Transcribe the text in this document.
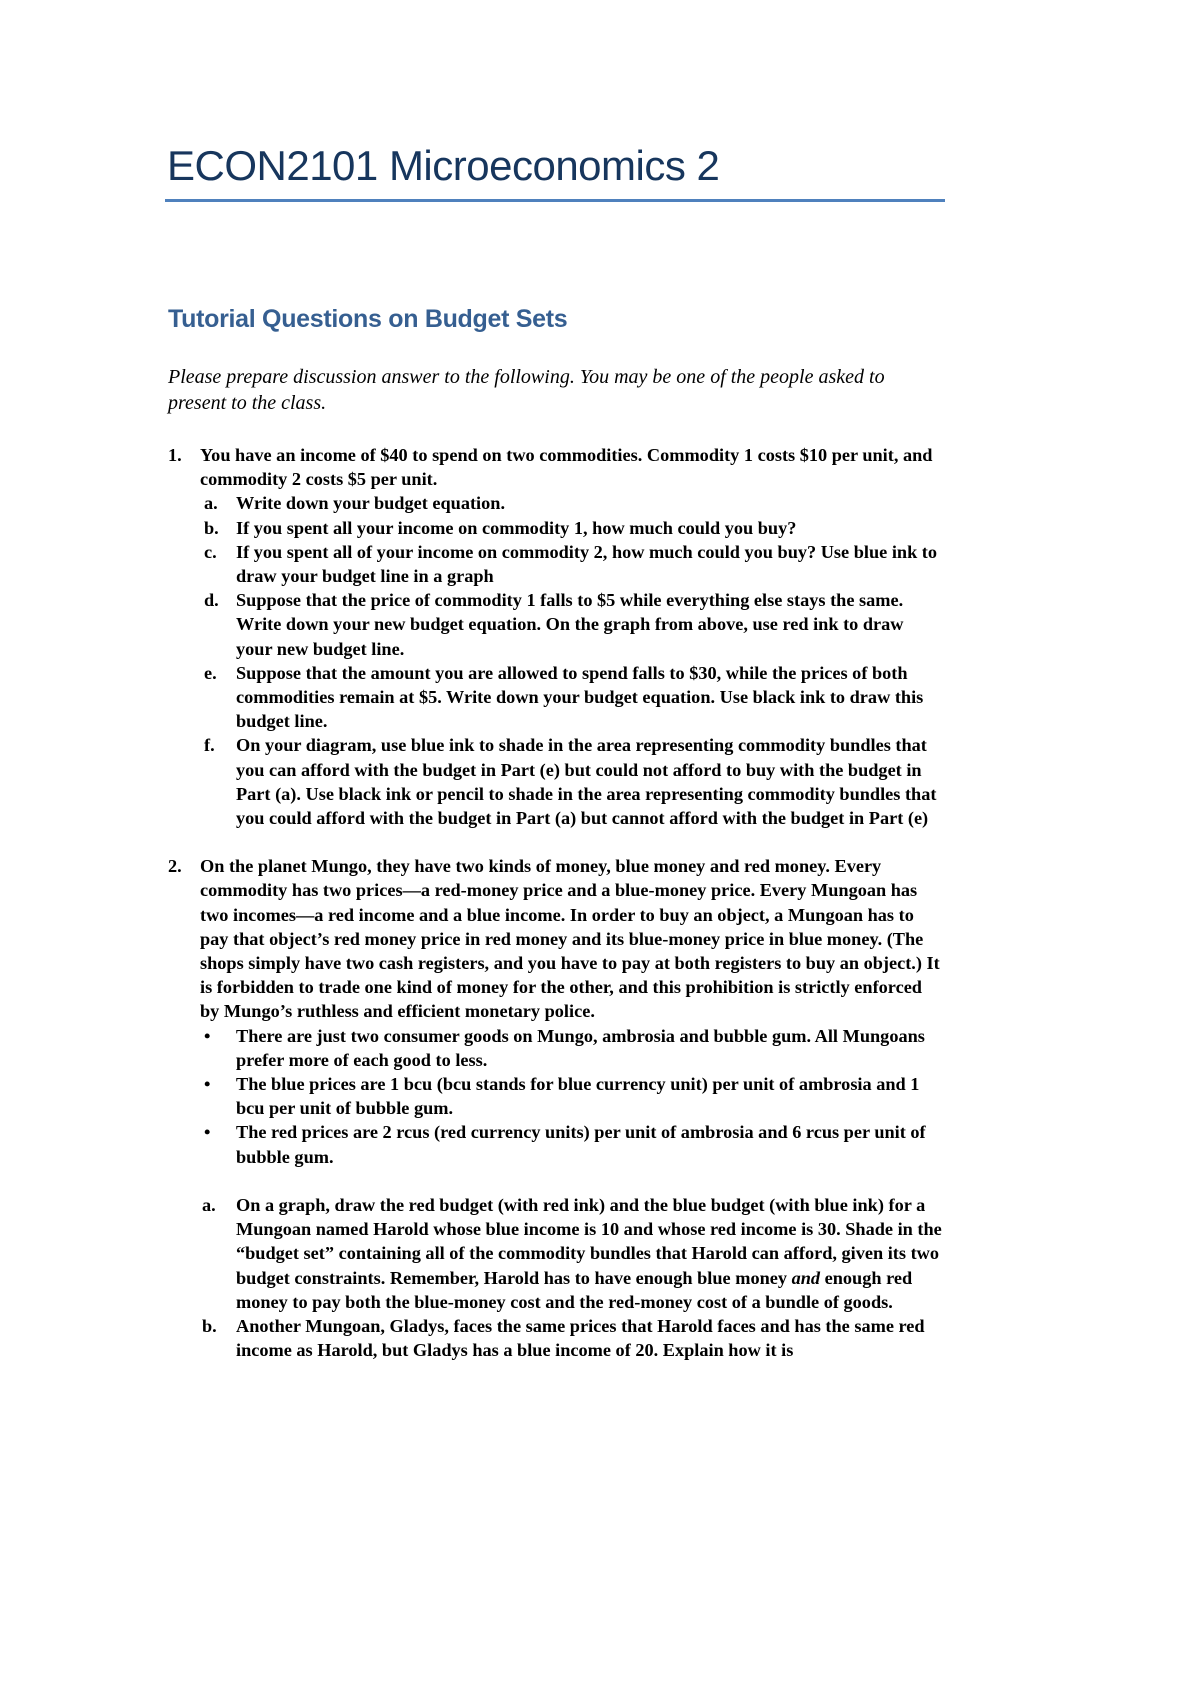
ECON2101 Microeconomics 2
Tutorial Questions on Budget Sets
Please prepare discussion answer to the following. You may be one of the people asked to present to the class.
1. You have an income of $40 to spend on two commodities. Commodity 1 costs $10 per unit, and commodity 2 costs $5 per unit.
a. Write down your budget equation.
b. If you spent all your income on commodity 1, how much could you buy?
c. If you spent all of your income on commodity 2, how much could you buy? Use blue ink to draw your budget line in a graph
d. Suppose that the price of commodity 1 falls to $5 while everything else stays the same. Write down your new budget equation. On the graph from above, use red ink to draw your new budget line.
e. Suppose that the amount you are allowed to spend falls to $30, while the prices of both commodities remain at $5. Write down your budget equation. Use black ink to draw this budget line.
f. On your diagram, use blue ink to shade in the area representing commodity bundles that you can afford with the budget in Part (e) but could not afford to buy with the budget in Part (a). Use black ink or pencil to shade in the area representing commodity bundles that you could afford with the budget in Part (a) but cannot afford with the budget in Part (e)
2. On the planet Mungo, they have two kinds of money, blue money and red money. Every commodity has two prices—a red-money price and a blue-money price. Every Mungoan has two incomes—a red income and a blue income. In order to buy an object, a Mungoan has to pay that object’s red money price in red money and its blue-money price in blue money. (The shops simply have two cash registers, and you have to pay at both registers to buy an object.) It is forbidden to trade one kind of money for the other, and this prohibition is strictly enforced by Mungo’s ruthless and efficient monetary police.
• There are just two consumer goods on Mungo, ambrosia and bubble gum. All Mungoans prefer more of each good to less.
• The blue prices are 1 bcu (bcu stands for blue currency unit) per unit of ambrosia and 1 bcu per unit of bubble gum.
• The red prices are 2 rcus (red currency units) per unit of ambrosia and 6 rcus per unit of bubble gum.
a. On a graph, draw the red budget (with red ink) and the blue budget (with blue ink) for a Mungoan named Harold whose blue income is 10 and whose red income is 30. Shade in the “budget set” containing all of the commodity bundles that Harold can afford, given its two budget constraints. Remember, Harold has to have enough blue money and enough red money to pay both the blue-money cost and the red-money cost of a bundle of goods.
b. Another Mungoan, Gladys, faces the same prices that Harold faces and has the same red income as Harold, but Gladys has a blue income of 20. Explain how it is
